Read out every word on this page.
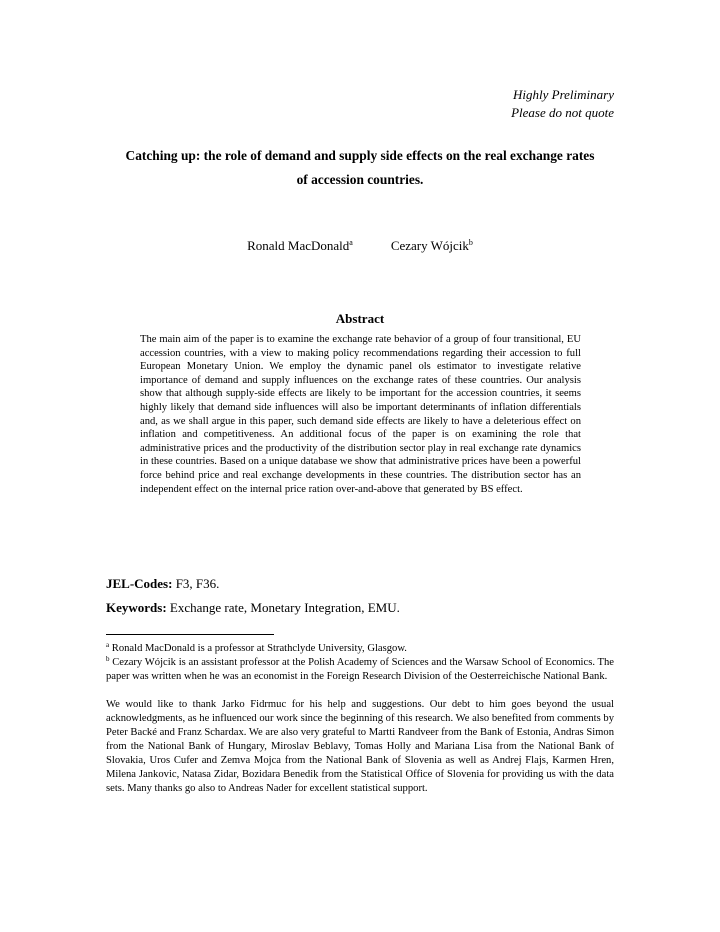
Highly Preliminary
Please do not quote
Catching up: the role of demand and supply side effects on the real exchange rates
of accession countries.
Ronald MacDonald$^a$	Cezary Wójcik$^b$
Abstract
The main aim of the paper is to examine the exchange rate behavior of a group of four transitional, EU accession countries, with a view to making policy recommendations regarding their accession to full European Monetary Union. We employ the dynamic panel ols estimator to investigate relative importance of demand and supply influences on the exchange rates of these countries. Our analysis show that although supply-side effects are likely to be important for the accession countries, it seems highly likely that demand side influences will also be important determinants of inflation differentials and, as we shall argue in this paper, such demand side effects are likely to have a deleterious effect on inflation and competitiveness. An additional focus of the paper is on examining the role that administrative prices and the productivity of the distribution sector play in real exchange rate dynamics in these countries. Based on a unique database we show that administrative prices have been a powerful force behind price and real exchange developments in these countries. The distribution sector has an independent effect on the internal price ration over-and-above that generated by BS effect.
JEL-Codes: F3, F36.
Keywords: Exchange rate, Monetary Integration, EMU.

$^a$ Ronald MacDonald is a professor at Strathclyde University, Glasgow.

$^b$ Cezary Wójcik is an assistant professor at the Polish Academy of Sciences and the Warsaw School of Economics. The paper was written when he was an economist in the Foreign Research Division of the Oesterreichische National Bank.

We would like to thank Jarko Fidrmuc for his help and suggestions. Our debt to him goes beyond the usual acknowledgments, as he influenced our work since the beginning of this research. We also benefited from comments by Peter Backé and Franz Schardax. We are also very grateful to Martti Randveer from the Bank of Estonia, Andras Simon from the National Bank of Hungary, Miroslav Beblavy, Tomas Holly and Mariana Lisa from the National Bank of Slovakia, Uros Cufer and Zemva Mojca from the National Bank of Slovenia as well as Andrej Flajs, Karmen Hren, Milena Jankovic, Natasa Zidar, Bozidara Benedik from the Statistical Office of Slovenia for providing us with the data sets. Many thanks go also to Andreas Nader for excellent statistical support.
